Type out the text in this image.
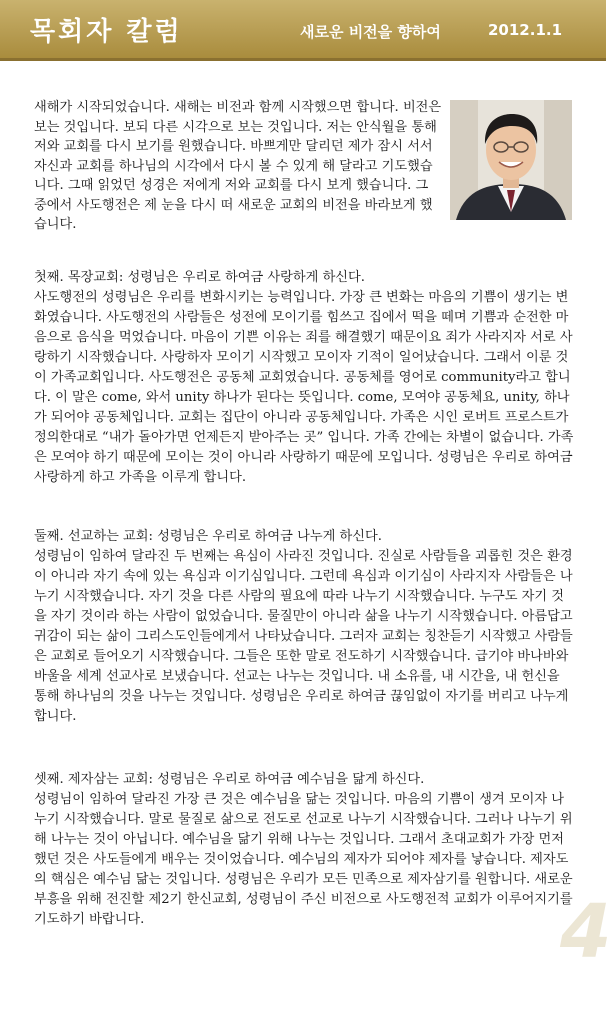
목회자 칼럼	새로운 비전을 향하여	2012.1.1

새해가 시작되었습니다. 새해는 비전과 함께 시작했으면 합니다. 비전은 보는 것입니다. 보되 다른 시각으로 보는 것입니다. 저는 안식월을 통해 저와 교회를 다시 보기를 원했습니다. 바쁘게만 달리던 제가 잠시 서서 자신과 교회를 하나님의 시각에서 다시 볼 수 있게 해 달라고 기도했습니다. 그때 읽었던 성경은 저에게 저와 교회를 다시 보게 했습니다. 그 중에서 사도행전은 제 눈을 다시 떠 새로운 교회의 비전을 바라보게 했습니다.

첫째. 목장교회: 성령님은 우리로 하여금 사랑하게 하신다.
사도행전의 성령님은 우리를 변화시키는 능력입니다. 가장 큰 변화는 마음의 기쁨이 생기는 변화였습니다. 사도행전의 사람들은 성전에 모이기를 힘쓰고 집에서 떡을 떼며 기쁨과 순전한 마음으로 음식을 먹었습니다. 마음이 기쁜 이유는 죄를 해결했기 때문이요 죄가 사라지자 서로 사랑하기 시작했습니다. 사랑하자 모이기 시작했고 모이자 기적이 일어났습니다. 그래서 이룬 것이 가족교회입니다. 사도행전은 공동체 교회였습니다. 공동체를 영어로 community라고 합니다. 이 말은 come, 와서 unity 하나가 된다는 뜻입니다. come, 모여야 공동체요, unity, 하나가 되어야 공동체입니다. 교회는 집단이 아니라 공동체입니다. 가족은 시인 로버트 프로스트가 정의한대로 “내가 돌아가면 언제든지 받아주는 곳” 입니다. 가족 간에는 차별이 없습니다. 가족은 모여야 하기 때문에 모이는 것이 아니라 사랑하기 때문에 모입니다. 성령님은 우리로 하여금 사랑하게 하고 가족을 이루게 합니다.

둘째. 선교하는 교회: 성령님은 우리로 하여금 나누게 하신다.
성령님이 임하여 달라진 두 번째는 욕심이 사라진 것입니다. 진실로 사람들을 괴롭힌 것은 환경이 아니라 자기 속에 있는 욕심과 이기심입니다. 그런데 욕심과 이기심이 사라지자 사람들은 나누기 시작했습니다. 자기 것을 다른 사람의 필요에 따라 나누기 시작했습니다. 누구도 자기 것을 자기 것이라 하는 사람이 없었습니다. 물질만이 아니라 삶을 나누기 시작했습니다. 아름답고 귀감이 되는 삶이 그리스도인들에게서 나타났습니다. 그러자 교회는 칭찬듣기 시작했고 사람들은 교회로 들어오기 시작했습니다. 그들은 또한 말로 전도하기 시작했습니다. 급기야 바나바와 바울을 세계 선교사로 보냈습니다. 선교는 나누는 것입니다. 내 소유를, 내 시간을, 내 헌신을 통해 하나님의 것을 나누는 것입니다. 성령님은 우리로 하여금 끊임없이 자기를 버리고 나누게 합니다.

셋째. 제자삼는 교회: 성령님은 우리로 하여금 예수님을 닮게 하신다.
성령님이 임하여 달라진 가장 큰 것은 예수님을 닮는 것입니다. 마음의 기쁨이 생겨 모이자 나누기 시작했습니다. 말로 물질로 삶으로 전도로 선교로 나누기 시작했습니다. 그러나 나누기 위해 나누는 것이 아닙니다. 예수님을 닮기 위해 나누는 것입니다. 그래서 초대교회가 가장 먼저 했던 것은 사도들에게 배우는 것이었습니다. 예수님의 제자가 되어야 제자를 낳습니다. 제자도의 핵심은 예수님 닮는 것입니다. 성령님은 우리가 모든 민족으로 제자삼기를 원합니다. 새로운 부흥을 위해 전진할 제2기 한신교회, 성령님이 주신 비전으로 사도행전적 교회가 이루어지기를 기도하기 바랍니다.	4
